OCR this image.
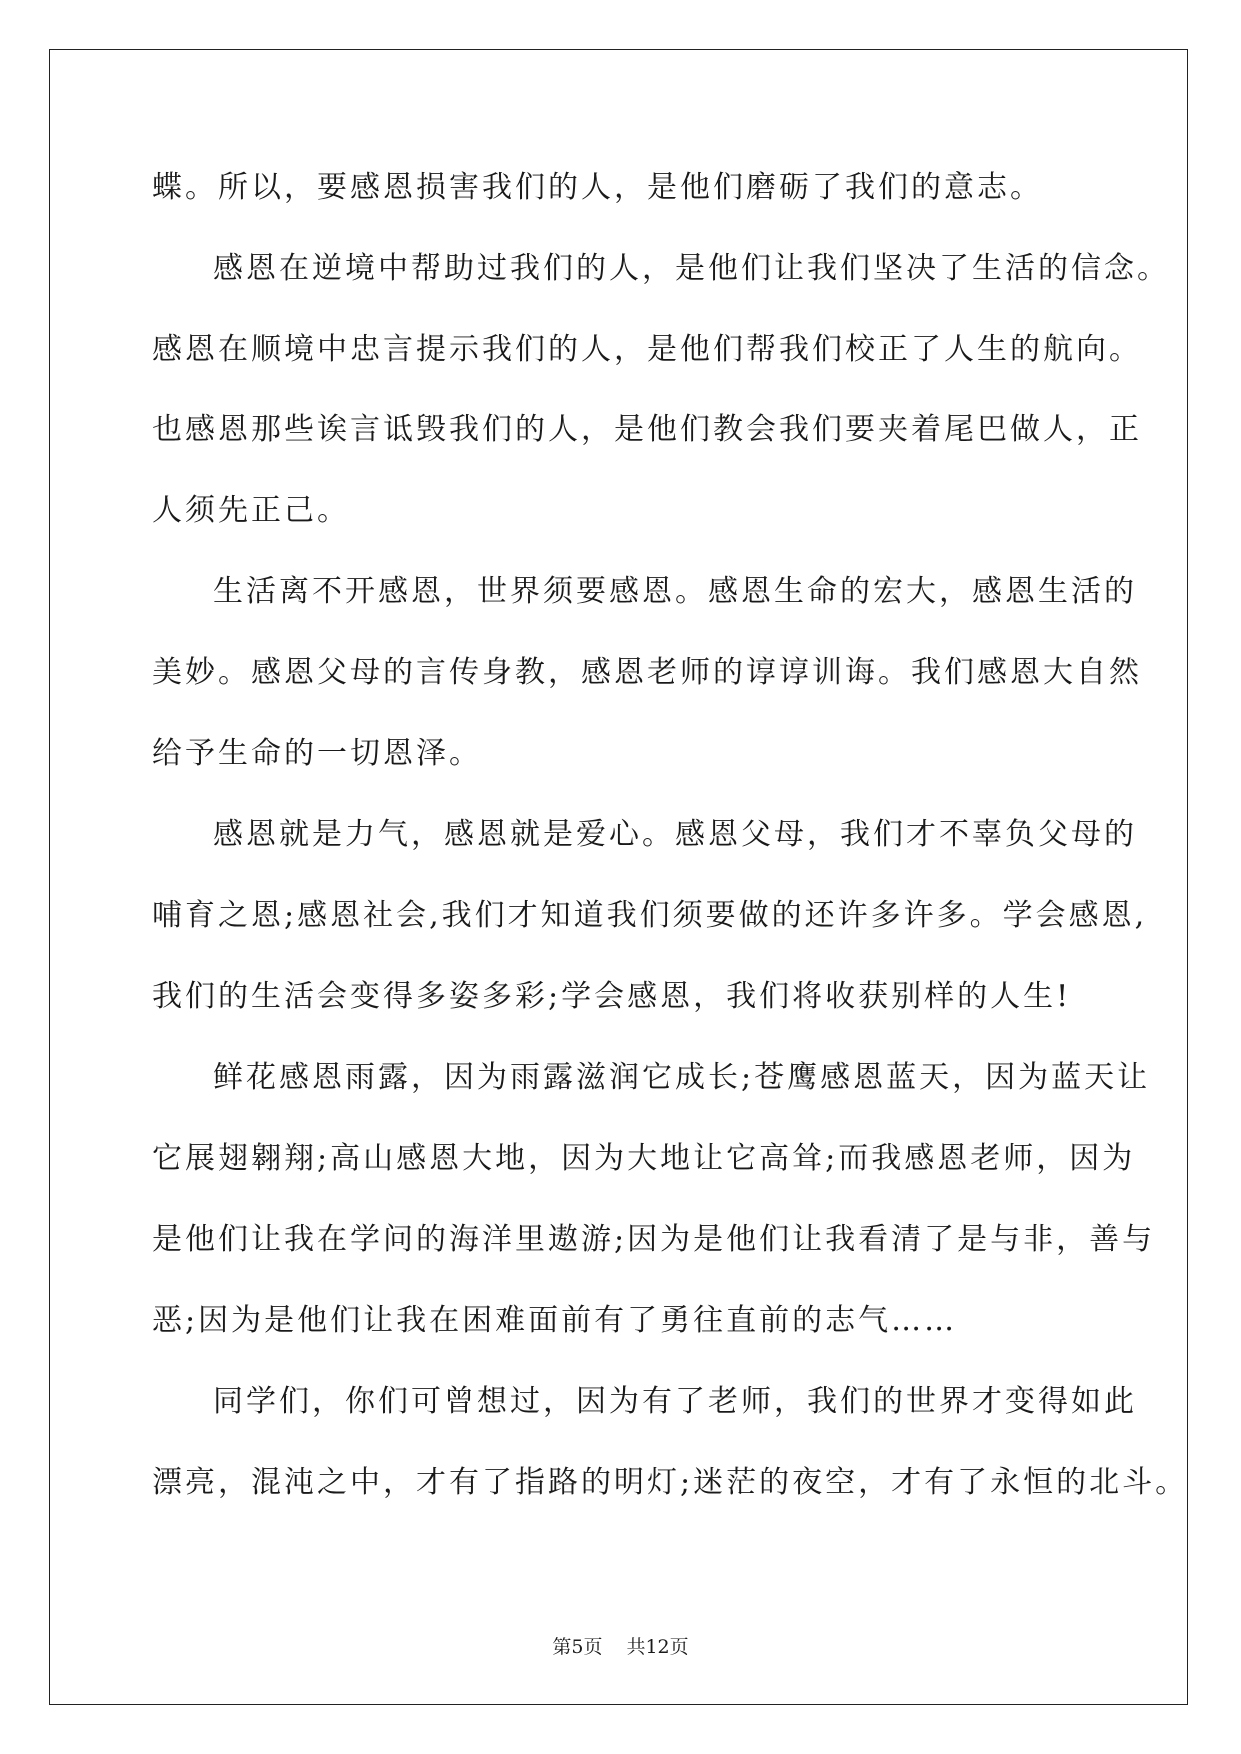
蝶。所以，要感恩损害我们的人，是他们磨砺了我们的意志。
感恩在逆境中帮助过我们的人，是他们让我们坚决了生活的信念。
感恩在顺境中忠言提示我们的人，是他们帮我们校正了人生的航向。
也感恩那些诶言诋毁我们的人，是他们教会我们要夹着尾巴做人，正
人须先正己。
生活离不开感恩，世界须要感恩。感恩生命的宏大，感恩生活的
美妙。感恩父母的言传身教，感恩老师的谆谆训诲。我们感恩大自然
给予生命的一切恩泽。
感恩就是力气，感恩就是爱心。感恩父母，我们才不辜负父母的
哺育之恩;感恩社会,我们才知道我们须要做的还许多许多。学会感恩,
我们的生活会变得多姿多彩;学会感恩，我们将收获别样的人生!
鲜花感恩雨露，因为雨露滋润它成长;苍鹰感恩蓝天，因为蓝天让
它展翅翱翔;高山感恩大地，因为大地让它高耸;而我感恩老师，因为
是他们让我在学问的海洋里遨游;因为是他们让我看清了是与非，善与
恶;因为是他们让我在困难面前有了勇往直前的志气……
同学们，你们可曾想过，因为有了老师，我们的世界才变得如此
漂亮，混沌之中，才有了指路的明灯;迷茫的夜空，才有了永恒的北斗。
第5页 共12页
